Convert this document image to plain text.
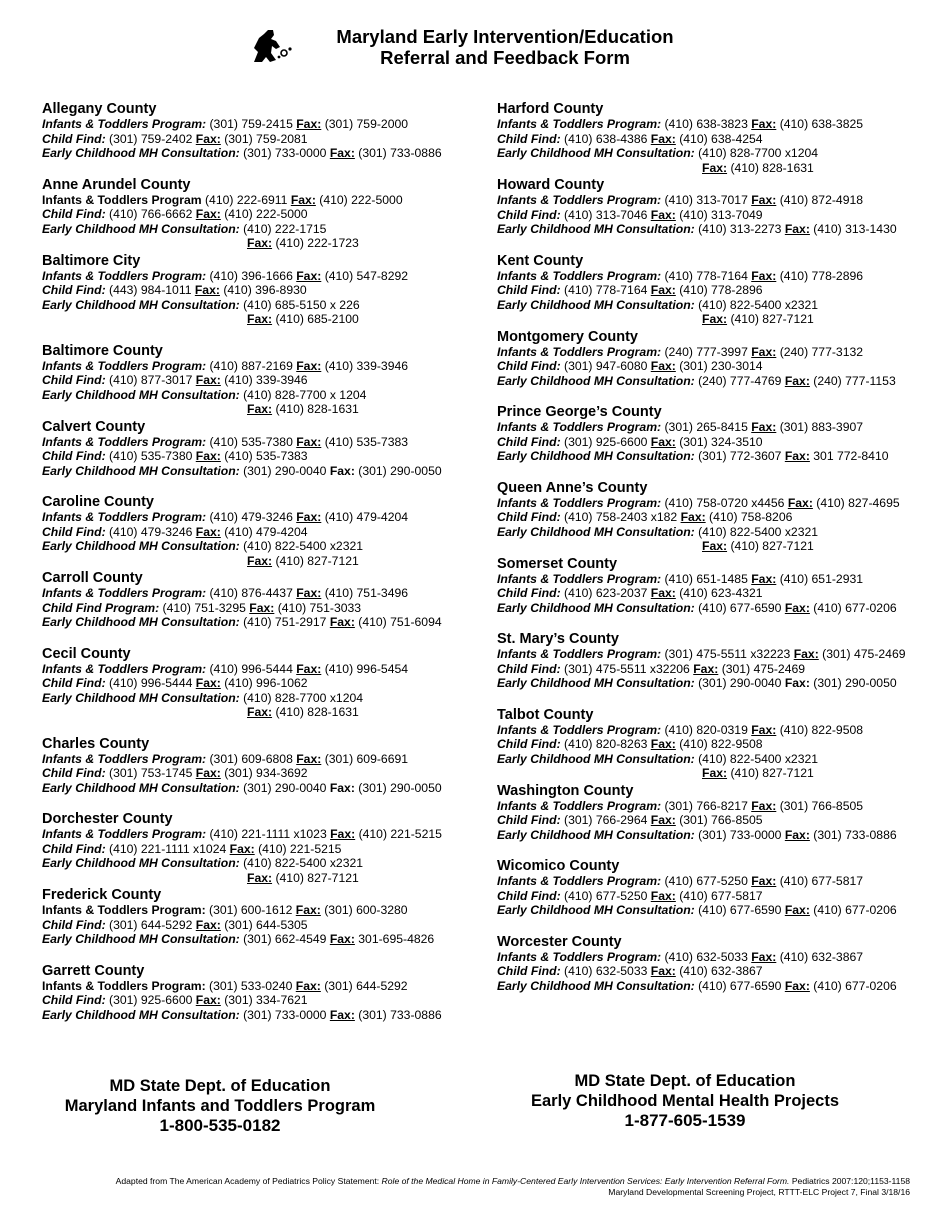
Maryland Early Intervention/Education
Referral and Feedback Form
Allegany County
Infants & Toddlers Program: (301) 759-2415 Fax: (301) 759-2000
Child Find: (301) 759-2402 Fax: (301) 759-2081
Early Childhood MH Consultation: (301) 733-0000 Fax: (301) 733-0886
Anne Arundel County
Infants & Toddlers Program (410) 222-6911 Fax: (410) 222-5000
Child Find: (410) 766-6662 Fax: (410) 222-5000
Early Childhood MH Consultation: (410) 222-1715
Fax: (410) 222-1723
Baltimore City
Infants & Toddlers Program: (410) 396-1666 Fax: (410) 547-8292
Child Find: (443) 984-1011 Fax: (410) 396-8930
Early Childhood MH Consultation: (410) 685-5150 x 226
Fax: (410) 685-2100
Baltimore County
Infants & Toddlers Program: (410) 887-2169 Fax: (410) 339-3946
Child Find: (410) 877-3017 Fax: (410) 339-3946
Early Childhood MH Consultation: (410) 828-7700 x 1204
Fax: (410) 828-1631
Calvert County
Infants & Toddlers Program: (410) 535-7380 Fax: (410) 535-7383
Child Find: (410) 535-7380 Fax: (410) 535-7383
Early Childhood MH Consultation: (301) 290-0040 Fax: (301) 290-0050
Caroline County
Infants & Toddlers Program: (410) 479-3246 Fax: (410) 479-4204
Child Find: (410) 479-3246 Fax: (410) 479-4204
Early Childhood MH Consultation: (410) 822-5400 x2321
Fax: (410) 827-7121
Carroll County
Infants & Toddlers Program: (410) 876-4437 Fax: (410) 751-3496
Child Find Program: (410) 751-3295 Fax: (410) 751-3033
Early Childhood MH Consultation: (410) 751-2917 Fax: (410) 751-6094
Cecil County
Infants & Toddlers Program: (410) 996-5444 Fax: (410) 996-5454
Child Find: (410) 996-5444 Fax: (410) 996-1062
Early Childhood MH Consultation: (410) 828-7700 x1204
Fax: (410) 828-1631
Charles County
Infants & Toddlers Program: (301) 609-6808 Fax: (301) 609-6691
Child Find: (301) 753-1745 Fax: (301) 934-3692
Early Childhood MH Consultation: (301) 290-0040 Fax: (301) 290-0050
Dorchester County
Infants & Toddlers Program: (410) 221-1111 x1023 Fax: (410) 221-5215
Child Find: (410) 221-1111 x1024 Fax: (410) 221-5215
Early Childhood MH Consultation: (410) 822-5400 x2321
Fax: (410) 827-7121
Frederick County
Infants & Toddlers Program: (301) 600-1612 Fax: (301) 600-3280
Child Find: (301) 644-5292 Fax: (301) 644-5305
Early Childhood MH Consultation: (301) 662-4549 Fax: 301-695-4826
Garrett County
Infants & Toddlers Program: (301) 533-0240 Fax: (301) 644-5292
Child Find: (301) 925-6600 Fax: (301) 334-7621
Early Childhood MH Consultation: (301) 733-0000 Fax: (301) 733-0886
Harford County
Infants & Toddlers Program: (410) 638-3823 Fax: (410) 638-3825
Child Find: (410) 638-4386 Fax: (410) 638-4254
Early Childhood MH Consultation: (410) 828-7700 x1204
Fax: (410) 828-1631
Howard County
Infants & Toddlers Program: (410) 313-7017 Fax: (410) 872-4918
Child Find: (410) 313-7046 Fax: (410) 313-7049
Early Childhood MH Consultation: (410) 313-2273 Fax: (410) 313-1430
Kent County
Infants & Toddlers Program: (410) 778-7164 Fax: (410) 778-2896
Child Find: (410) 778-7164 Fax: (410) 778-2896
Early Childhood MH Consultation: (410) 822-5400 x2321
Fax: (410) 827-7121
Montgomery County
Infants & Toddlers Program: (240) 777-3997 Fax: (240) 777-3132
Child Find: (301) 947-6080 Fax: (301) 230-3014
Early Childhood MH Consultation: (240) 777-4769 Fax: (240) 777-1153
Prince George’s County
Infants & Toddlers Program: (301) 265-8415 Fax: (301) 883-3907
Child Find: (301) 925-6600 Fax: (301) 324-3510
Early Childhood MH Consultation: (301) 772-3607 Fax: 301 772-8410
Queen Anne’s County
Infants & Toddlers Program: (410) 758-0720 x4456 Fax: (410) 827-4695
Child Find: (410) 758-2403 x182 Fax: (410) 758-8206
Early Childhood MH Consultation: (410) 822-5400 x2321
Fax: (410) 827-7121
Somerset County
Infants & Toddlers Program: (410) 651-1485 Fax: (410) 651-2931
Child Find: (410) 623-2037 Fax: (410) 623-4321
Early Childhood MH Consultation: (410) 677-6590 Fax: (410) 677-0206
St. Mary’s County
Infants & Toddlers Program: (301) 475-5511 x32223 Fax: (301) 475-2469
Child Find: (301) 475-5511 x32206 Fax: (301) 475-2469
Early Childhood MH Consultation: (301) 290-0040 Fax: (301) 290-0050
Talbot County
Infants & Toddlers Program: (410) 820-0319 Fax: (410) 822-9508
Child Find: (410) 820-8263 Fax: (410) 822-9508
Early Childhood MH Consultation: (410) 822-5400 x2321
Fax: (410) 827-7121
Washington County
Infants & Toddlers Program: (301) 766-8217 Fax: (301) 766-8505
Child Find: (301) 766-2964 Fax: (301) 766-8505
Early Childhood MH Consultation: (301) 733-0000 Fax: (301) 733-0886
Wicomico County
Infants & Toddlers Program: (410) 677-5250 Fax: (410) 677-5817
Child Find: (410) 677-5250 Fax: (410) 677-5817
Early Childhood MH Consultation: (410) 677-6590 Fax: (410) 677-0206
Worcester County
Infants & Toddlers Program: (410) 632-5033 Fax: (410) 632-3867
Child Find: (410) 632-5033 Fax: (410) 632-3867
Early Childhood MH Consultation: (410) 677-6590 Fax: (410) 677-0206
MD State Dept. of Education
Maryland Infants and Toddlers Program
1-800-535-0182
MD State Dept. of Education
Early Childhood Mental Health Projects
1-877-605-1539
Adapted from The American Academy of Pediatrics Policy Statement: Role of the Medical Home in Family-Centered Early Intervention Services: Early Intervention Referral Form. Pediatrics 2007:120;1153-1158
Maryland Developmental Screening Project, RTTT-ELC Project 7, Final 3/18/16
